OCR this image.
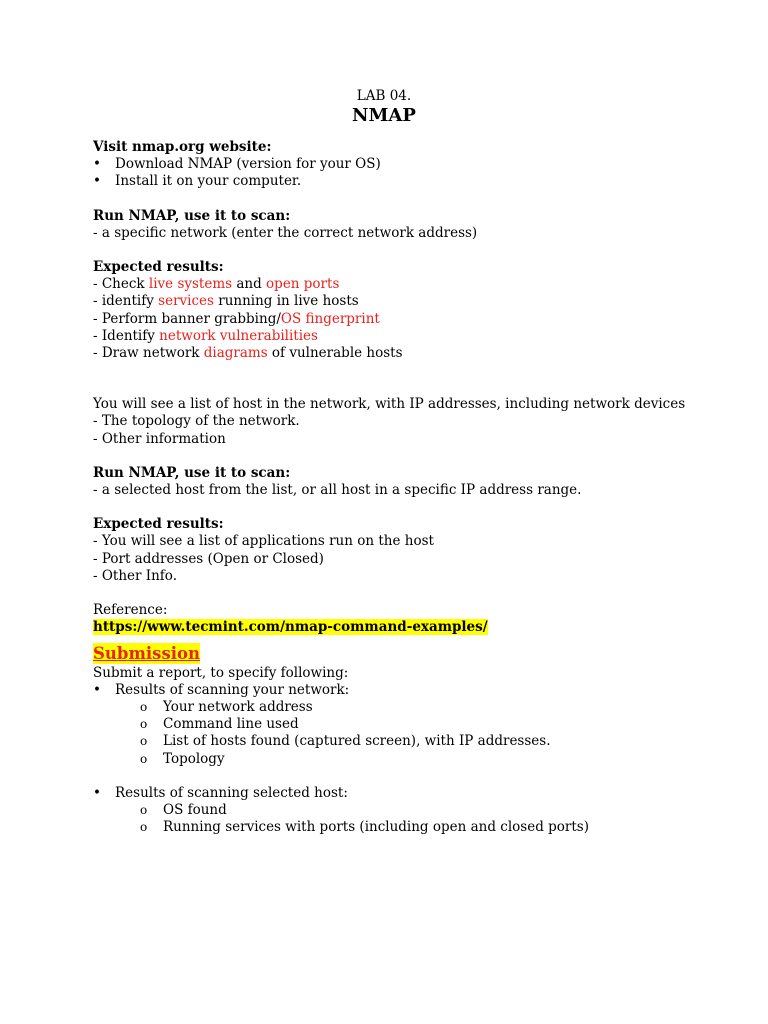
LAB 04.
NMAP
Visit nmap.org website:
• Download NMAP (version for your OS)
• Install it on your computer.
Run NMAP, use it to scan:
- a specific network (enter the correct network address)
Expected results:
- Check live systems and open ports
- identify services running in live hosts
- Perform banner grabbing/OS fingerprint
- Identify network vulnerabilities
- Draw network diagrams of vulnerable hosts
You will see a list of host in the network, with IP addresses, including network devices
- The topology of the network.
- Other information
Run NMAP, use it to scan:
- a selected host from the list, or all host in a specific IP address range.
Expected results:
- You will see a list of applications run on the host
- Port addresses (Open or Closed)
- Other Info.
Reference:
https://www.tecmint.com/nmap-command-examples/
Submission
Submit a report, to specify following:
• Results of scanning your network:
o Your network address
o Command line used
o List of hosts found (captured screen), with IP addresses.
o Topology
• Results of scanning selected host:
o OS found
o Running services with ports (including open and closed ports)
